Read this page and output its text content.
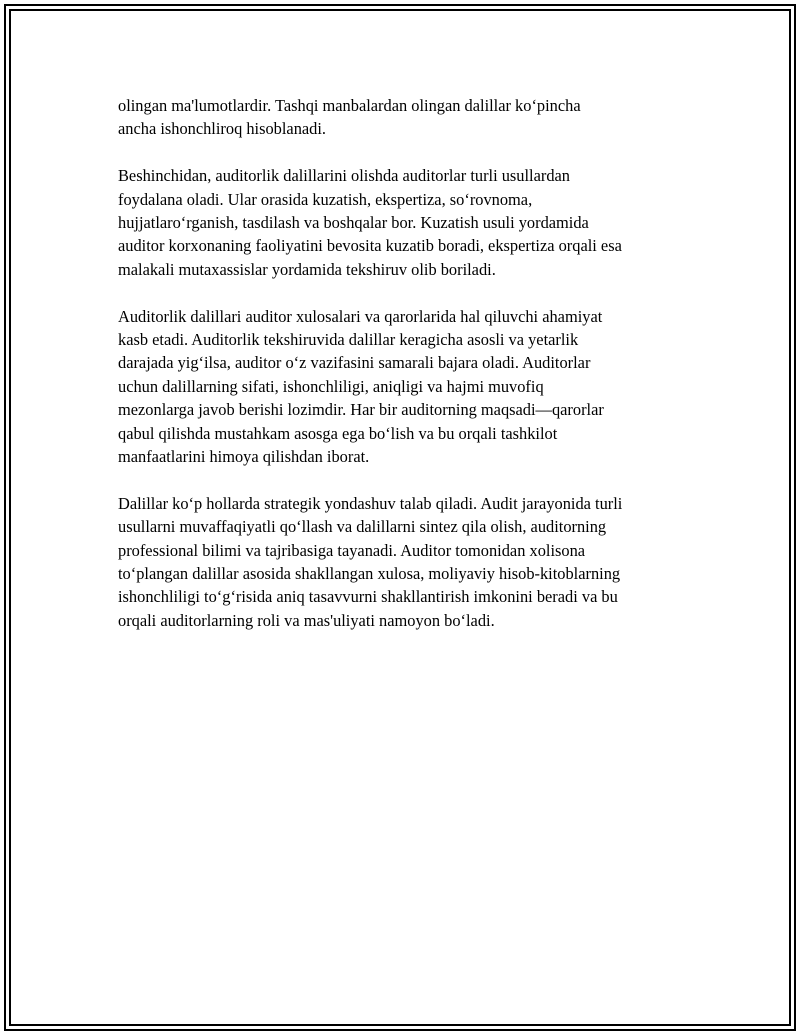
olingan ma'lumotlardir. Tashqi manbalardan olingan dalillar ko‘pincha
ancha ishonchliroq hisoblanadi.

Beshinchidan, auditorlik dalillarini olishda auditorlar turli usullardan
foydalana oladi. Ular orasida kuzatish, ekspertiza, so‘rovnoma,
hujjatlaro‘rganish, tasdilash va boshqalar bor. Kuzatish usuli yordamida
auditor korxonaning faoliyatini bevosita kuzatib boradi, ekspertiza orqali esa
malakali mutaxassislar yordamida tekshiruv olib boriladi.

Auditorlik dalillari auditor xulosalari va qarorlarida hal qiluvchi ahamiyat
kasb etadi. Auditorlik tekshiruvida dalillar keragicha asosli va yetarlik
darajada yig‘ilsa, auditor o‘z vazifasini samarali bajara oladi. Auditorlar
uchun dalillarning sifati, ishonchliligi, aniqligi va hajmi muvofiq
mezonlarga javob berishi lozimdir. Har bir auditorning maqsadi—qarorlar
qabul qilishda mustahkam asosga ega bo‘lish va bu orqali tashkilot
manfaatlarini himoya qilishdan iborat.

Dalillar ko‘p hollarda strategik yondashuv talab qiladi. Audit jarayonida turli
usullarni muvaffaqiyatli qo‘llash va dalillarni sintez qila olish, auditorning
professional bilimi va tajribasiga tayanadi. Auditor tomonidan xolisona
to‘plangan dalillar asosida shakllangan xulosa, moliyaviy hisob-kitoblarning
ishonchliligi to‘g‘risida aniq tasavvurni shakllantirish imkonini beradi va bu
orqali auditorlarning roli va mas'uliyati namoyon bo‘ladi.
